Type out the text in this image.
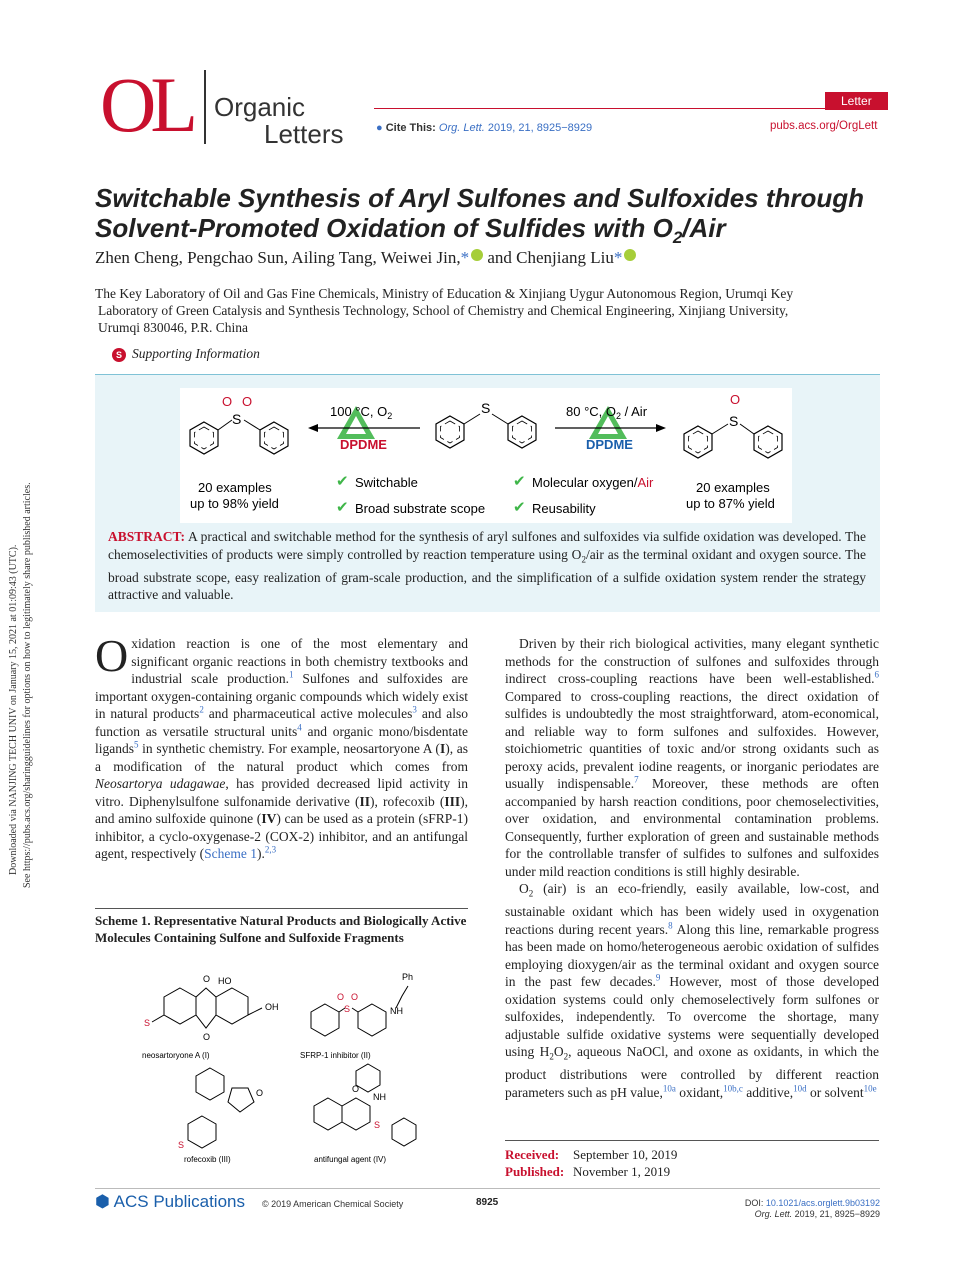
Downloaded via NANJING TECH UNIV on January 15, 2021 at 01:09:43 (UTC). See https://pubs.acs.org/sharingguidelines for options on how to legitimately share published articles.
OL Organic
Letters
Letter
● Cite This: Org. Lett. 2019, 21, 8925−8929	pubs.acs.org/OrgLett
Switchable Synthesis of Aryl Sulfones and Sulfoxides through
Solvent-Promoted Oxidation of Sulfides with $O_2$/Air
Zhen Cheng, Pengchao Sun, Ailing Tang, Weiwei Jin,* and Chenjiang Liu*
The Key Laboratory of Oil and Gas Fine Chemicals, Ministry of Education & Xinjiang Uygur Autonomous Region, Urumqi Key
Laboratory of Green Catalysis and Synthesis Technology, School of Chemistry and Chemical Engineering, Xinjiang University,
Urumqi 830046, P.R. China
S Supporting Information
S
O O
100 °C, $O_2$
DPDME
S	80 °C, $O_2$ / Air
DPDME
S
O
20 examples
up to 98% yield
20 examples
up to 87% yield
✔ Switchable
✔ Broad substrate scope
✔ Molecular oxygen/Air
✔ Reusability
ABSTRACT: A practical and switchable method for the synthesis of aryl sulfones and sulfoxides via sulfide oxidation was developed. The chemoselectivities of products were simply controlled by reaction temperature using $O_2$/air as the terminal oxidant and oxygen source. The broad substrate scope, easy realization of gram-scale production, and the simplification of a sulfide oxidation system render the strategy attractive and valuable.
Oxidation reaction is one of the most elementary and significant organic reactions in both chemistry textbooks and industrial scale production.$^1$ Sulfones and sulfoxides are important oxygen-containing organic compounds which widely exist in natural products$^2$ and pharmaceutical active molecules$^3$ and also function as versatile structural units$^4$ and organic mono/bisdentate ligands$^5$ in synthetic chemistry. For example, neosartoryone A (I), as a modification of the natural product which comes from Neosartorya udagawae, has provided decreased lipid activity in vitro. Diphenylsulfone sulfonamide derivative (II), rofecoxib (III), and amino sulfoxide quinone (IV) can be used as a protein (sFRP-1) inhibitor, a cyclo-oxygenase-2 (COX-2) inhibitor, and an antifungal agent, respectively (Scheme 1).$^{2,3}$
Scheme 1. Representative Natural Products and Biologically Active Molecules Containing Sulfone and Sulfoxide Fragments
O HO
OH
O
S
neosartoryone A (I)
S
O O
NH
Ph
SFRP-1 inhibitor (II)
O
S
rofecoxib (III)
NH
O
S
antifungal agent (IV)
Driven by their rich biological activities, many elegant synthetic methods for the construction of sulfones and sulfoxides through indirect cross-coupling reactions have been well-established.$^6$ Compared to cross-coupling reactions, the direct oxidation of sulfides is undoubtedly the most straightforward, atom-economical, and reliable way to form sulfones and sulfoxides. However, stoichiometric quantities of toxic and/or strong oxidants such as peroxy acids, prevalent iodine reagents, or inorganic periodates are usually indispensable.$^7$ Moreover, these methods are often accompanied by harsh reaction conditions, poor chemoselectivities, over oxidation, and environmental contamination problems. Consequently, further exploration of green and sustainable methods for the controllable transfer of sulfides to sulfones and sulfoxides under mild reaction conditions is still highly desirable.
$O_2$ (air) is an eco-friendly, easily available, low-cost, and sustainable oxidant which has been widely used in oxygenation reactions during recent years.$^8$ Along this line, remarkable progress has been made on homo/heterogeneous aerobic oxidation of sulfides employing dioxygen/air as the terminal oxidant and oxygen source in the past few decades.$^9$ However, most of those developed oxidation systems could only chemoselectively form sulfones or sulfoxides, independently. To overcome the shortage, many adjustable sulfide oxidative systems were sequentially developed using $H_2O_2$, aqueous NaOCl, and oxone as oxidants, in which the product distributions were controlled by different reaction parameters such as pH value,$^{10a}$ oxidant,$^{10b,c}$ additive,$^{10d}$ or solvent$^{10e}$
Received: September 10, 2019
Published: November 1, 2019
⬢ ACS Publications © 2019 American Chemical Society	8925	DOI: 10.1021/acs.orglett.9b03192
Org. Lett. 2019, 21, 8925−8929
